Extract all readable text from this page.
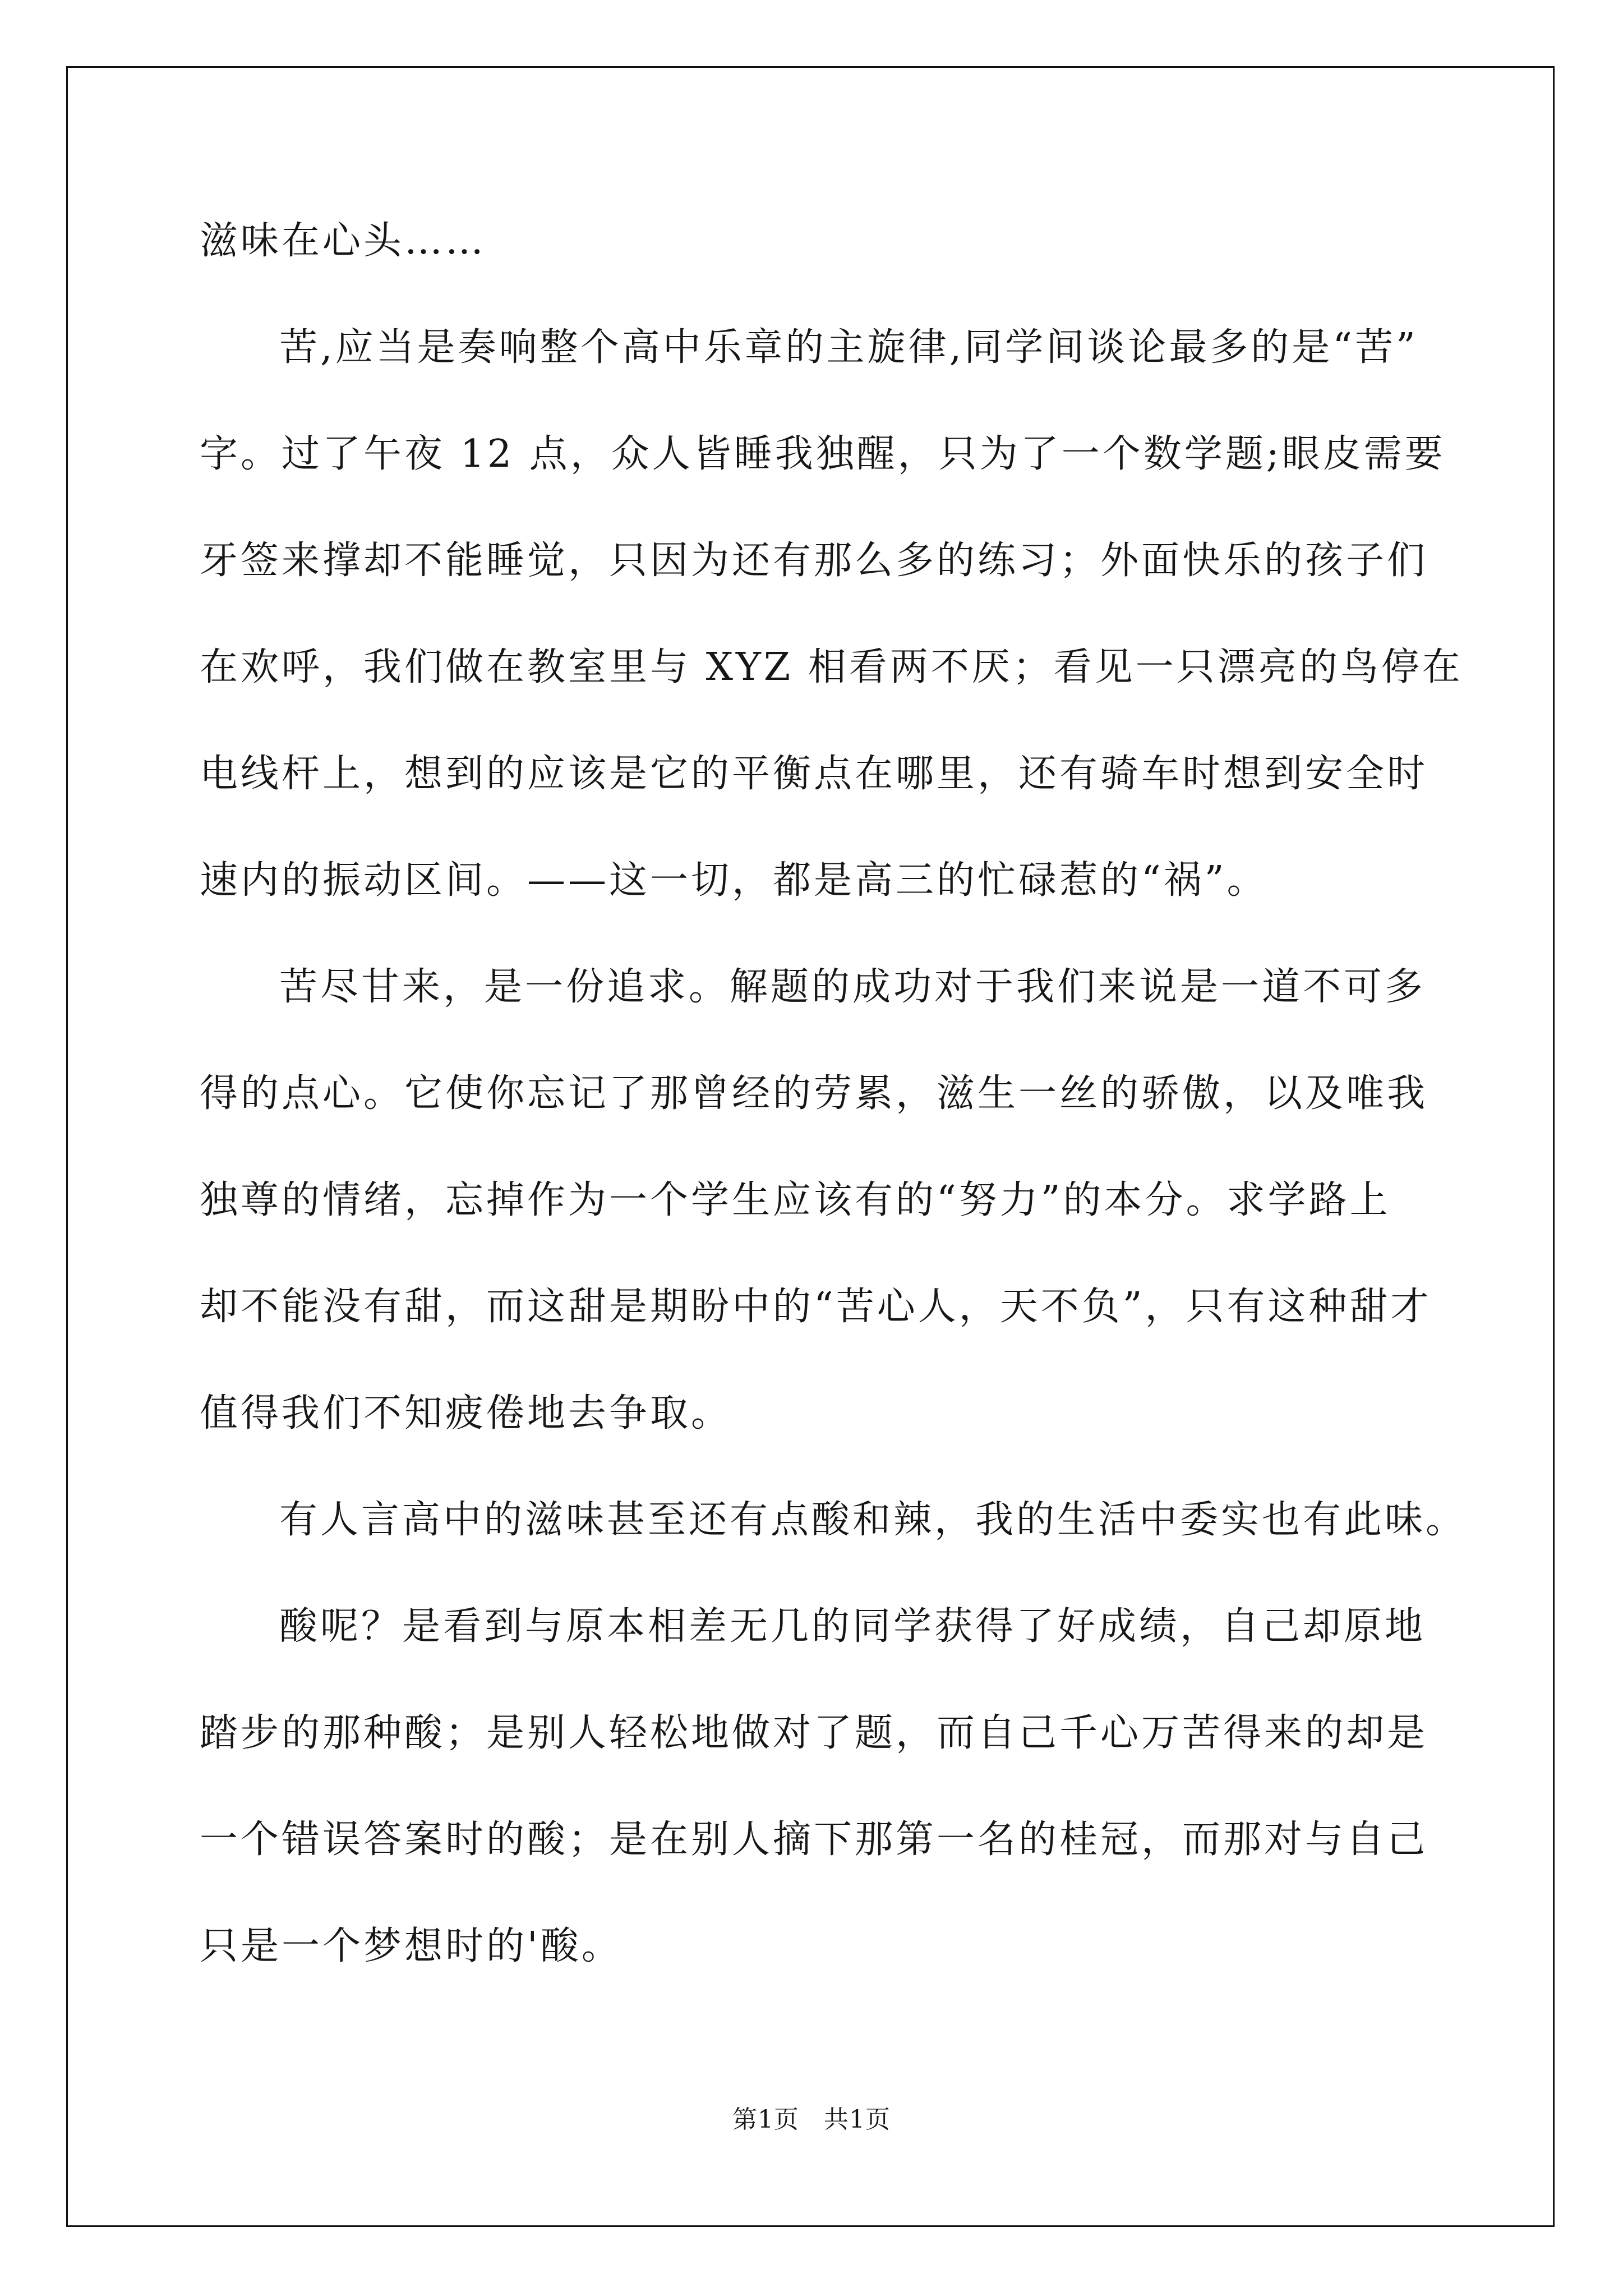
滋味在心头……
苦,应当是奏响整个高中乐章的主旋律,同学间谈论最多的是“苦”
字。过了午夜 12 点，众人皆睡我独醒，只为了一个数学题;眼皮需要
牙签来撑却不能睡觉，只因为还有那么多的练习；外面快乐的孩子们
在欢呼，我们做在教室里与 XYZ 相看两不厌；看见一只漂亮的鸟停在
电线杆上，想到的应该是它的平衡点在哪里，还有骑车时想到安全时
速内的振动区间。——这一切，都是高三的忙碌惹的“祸”。
苦尽甘来，是一份追求。解题的成功对于我们来说是一道不可多
得的点心。它使你忘记了那曾经的劳累，滋生一丝的骄傲，以及唯我
独尊的情绪，忘掉作为一个学生应该有的“努力”的本分。求学路上
却不能没有甜，而这甜是期盼中的“苦心人，天不负”，只有这种甜才
值得我们不知疲倦地去争取。
有人言高中的滋味甚至还有点酸和辣，我的生活中委实也有此味。
酸呢？是看到与原本相差无几的同学获得了好成绩，自己却原地
踏步的那种酸；是别人轻松地做对了题，而自己千心万苦得来的却是
一个错误答案时的酸；是在别人摘下那第一名的桂冠，而那对与自己
只是一个梦想时的'酸。
第1页 共1页
